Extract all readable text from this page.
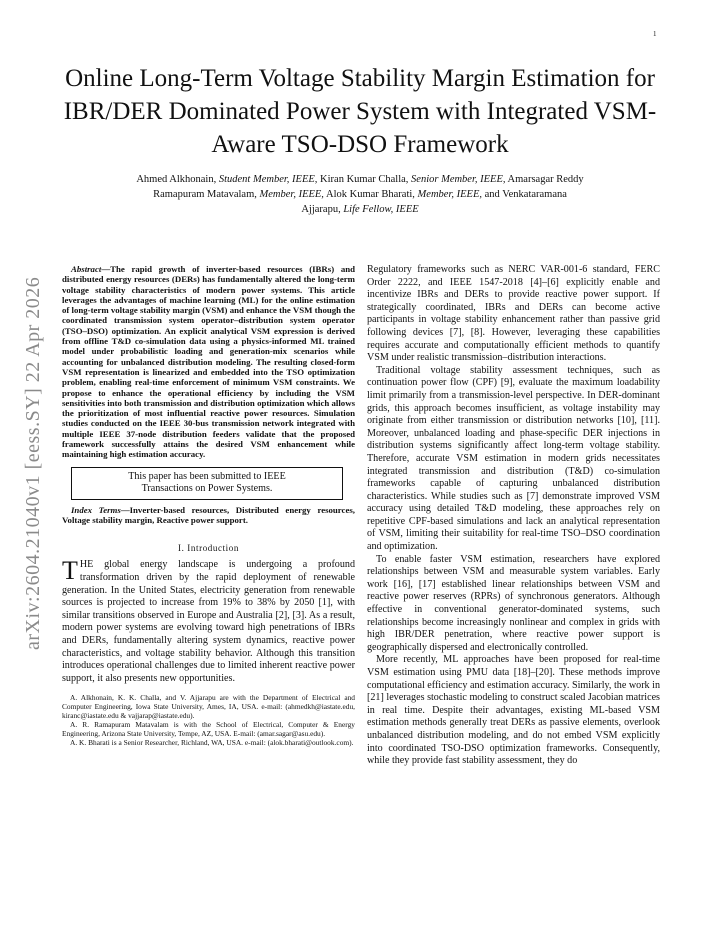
1
arXiv:2604.21040v1 [eess.SY] 22 Apr 2026
Online Long-Term Voltage Stability Margin Estimation for IBR/DER Dominated Power System with Integrated VSM-Aware TSO-DSO Framework
Ahmed Alkhonain, Student Member, IEEE, Kiran Kumar Challa, Senior Member, IEEE, Amarsagar Reddy
Ramapuram Matavalam, Member, IEEE, Alok Kumar Bharati, Member, IEEE, and Venkataramana
Ajjarapu, Life Fellow, IEEE

Abstract—The rapid growth of inverter-based resources (IBRs) and distributed energy resources (DERs) has fundamentally altered the long-term voltage stability characteristics of modern power systems. This article leverages the advantages of machine learning (ML) for the online estimation of long-term voltage stability margin (VSM) and enhance the VSM though the coordinated transmission system operator–distribution system operator (TSO–DSO) optimization. An explicit analytical VSM expression is derived from offline T&D co-simulation data using a physics-informed ML trained model under probabilistic loading and generation-mix scenarios while accounting for unbalanced distribution modeling. The resulting closed-form VSM representation is linearized and embedded into the TSO optimization problem, enabling real-time enforcement of minimum VSM constraints. We propose to enhance the operational efficiency by including the VSM sensitivities into both transmission and distribution optimization which allows the prioritization of most influential reactive power resources. Simulation studies conducted on the IEEE 30-bus transmission network integrated with multiple IEEE 37-node distribution feeders validate that the proposed framework successfully attains the desired VSM enhancement while maintaining high estimation accuracy.

This paper has been submitted to IEEE
Transactions on Power Systems.

Index Terms—Inverter-based resources, Distributed energy resources, Voltage stability margin, Reactive power support.

I. Introduction

THE global energy landscape is undergoing a profound transformation driven by the rapid deployment of renewable generation. In the United States, electricity generation from renewable sources is projected to increase from 19% to 38% by 2050 [1], with similar transitions observed in Europe and Australia [2], [3]. As a result, modern power systems are evolving toward high penetrations of IBRs and DERs, fundamentally altering system dynamics, reactive power characteristics, and voltage stability behavior. Although this transition introduces operational challenges due to limited inherent reactive power support, it also presents new opportunities.

A. Alkhonain, K. K. Challa, and V. Ajjarapu are with the Department of Electrical and Computer Engineering, Iowa State University, Ames, IA, USA. e-mail: (ahmedkh@iastate.edu, kiranc@iastate.edu & vajjarap@iastate.edu).

A. R. Ramapuram Matavalam is with the School of Electrical, Computer & Energy Engineering, Arizona State University, Tempe, AZ, USA. E-mail: (amar.sagar@asu.edu).

A. K. Bharati is a Senior Researcher, Richland, WA, USA. e-mail: (alok.bharati@outlook.com).

Regulatory frameworks such as NERC VAR-001-6 standard, FERC Order 2222, and IEEE 1547-2018 [4]–[6] explicitly enable and incentivize IBRs and DERs to provide reactive power support. If strategically coordinated, IBRs and DERs can become active participants in voltage stability enhancement rather than passive grid following devices [7], [8]. However, leveraging these capabilities requires accurate and computationally efficient methods to quantify VSM under realistic transmission–distribution interactions.

Traditional voltage stability assessment techniques, such as continuation power flow (CPF) [9], evaluate the maximum loadability limit primarily from a transmission-level perspective. In DER-dominant grids, this approach becomes insufficient, as voltage instability may originate from either transmission or distribution networks [10], [11]. Moreover, unbalanced loading and phase-specific DER injections in distribution systems significantly affect long-term voltage stability. Therefore, accurate VSM estimation in modern grids necessitates integrated transmission and distribution (T&D) co-simulation frameworks capable of capturing unbalanced distribution characteristics. While studies such as [7] demonstrate improved VSM accuracy using detailed T&D modeling, these approaches rely on repetitive CPF-based simulations and lack an analytical representation of VSM, limiting their suitability for real-time TSO–DSO coordination and optimization.

To enable faster VSM estimation, researchers have explored relationships between VSM and measurable system variables. Early work [16], [17] established linear relationships between VSM and reactive power reserves (RPRs) of synchronous generators. Although effective in conventional generator-dominated systems, such relationships become increasingly nonlinear and complex in grids with high IBR/DER penetration, where reactive power support is geographically dispersed and electronically controlled.

More recently, ML approaches have been proposed for real-time VSM estimation using PMU data [18]–[20]. These methods improve computational efficiency and estimation accuracy. Similarly, the work in [21] leverages stochastic modeling to construct scaled Jacobian matrices in real time. Despite their advantages, existing ML-based VSM estimation methods generally treat DERs as passive elements, overlook unbalanced distribution modeling, and do not embed VSM explicitly into coordinated TSO-DSO optimization frameworks. Consequently, while they provide fast stability assessment, they do
